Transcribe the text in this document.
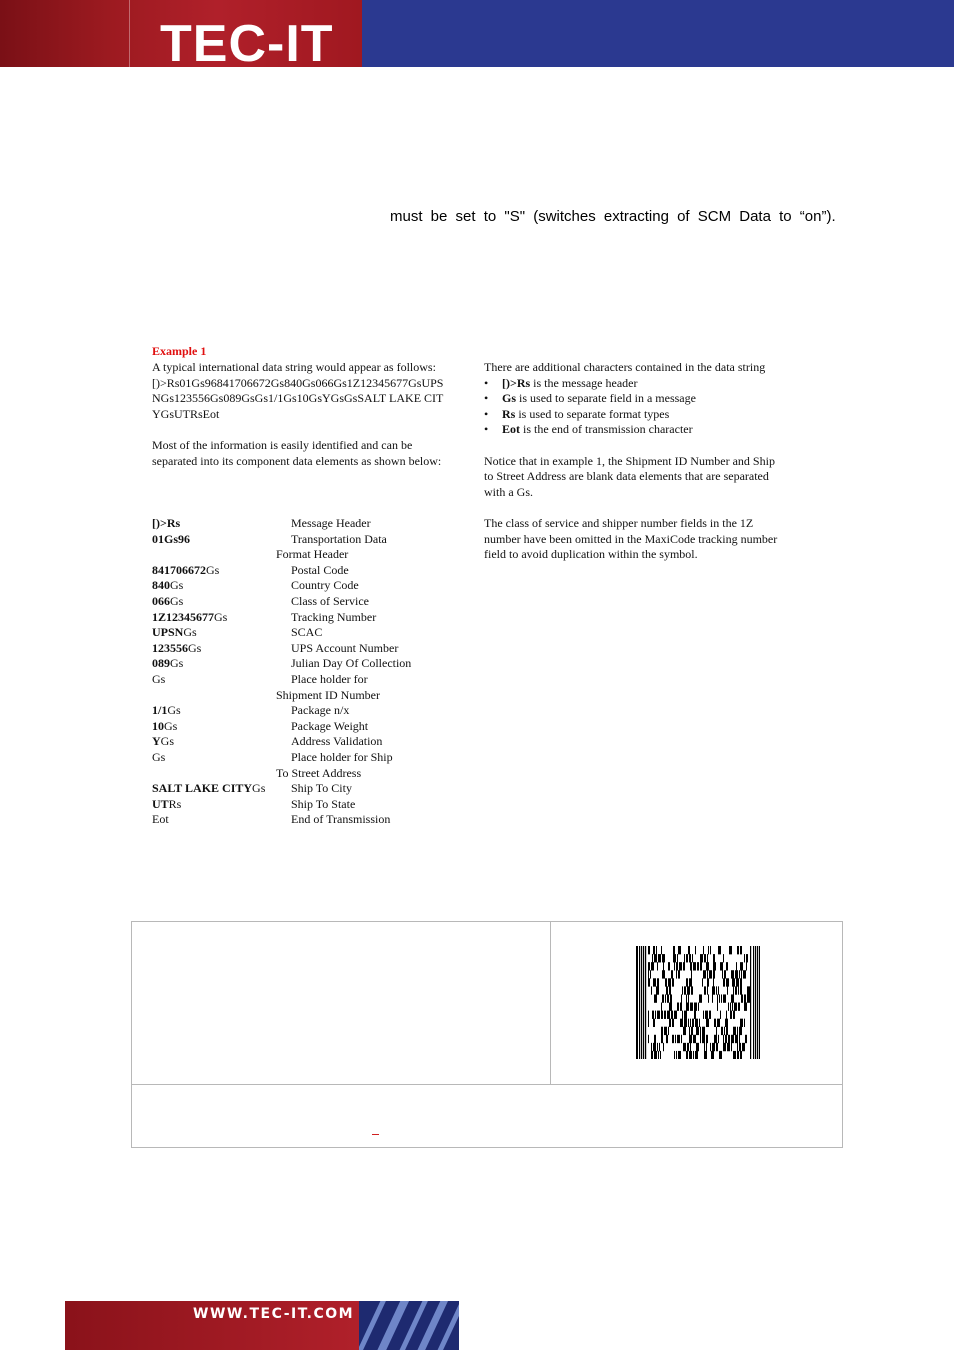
TEC-IT
must be set to "S" (switches extracting of SCM Data to “on”).
Example 1

A typical international data string would appear as follows:

[)>Rs01Gs96841706672Gs840Gs066Gs1Z12345677GsUPSNGs123556Gs089GsGs1/1Gs10GsYGsGsSALT LAKE CITYGsUTRsEot

Most of the information is easily identified and can be separated into its component data elements as shown below:

[)>Rs	Message Header
01Gs96	Transportation Data
Format Header
841706672Gs	Postal Code
840Gs	Country Code
066Gs	Class of Service
1Z12345677Gs	Tracking Number
UPSNGs	SCAC
123556Gs	UPS Account Number
089Gs	Julian Day Of Collection
Gs	Place holder for
Shipment ID Number
1/1Gs	Package n/x
10Gs	Package Weight
YGs	Address Validation
Gs	Place holder for Ship
To Street Address
SALT LAKE CITYGs Ship To City
UTRs	Ship To State
Eot	End of Transmission

There are additional characters contained in the data string

• [)>Rs is the message header
• Gs is used to separate field in a message
• Rs is used to separate format types
• Eot is the end of transmission character

Notice that in example 1, the Shipment ID Number and Ship to Street Address are blank data elements that are separated with a Gs.

The class of service and shipper number fields in the 1Z number have been omitted in the MaxiCode tracking number field to avoid duplication within the symbol.

WWW.TEC-IT.COM
